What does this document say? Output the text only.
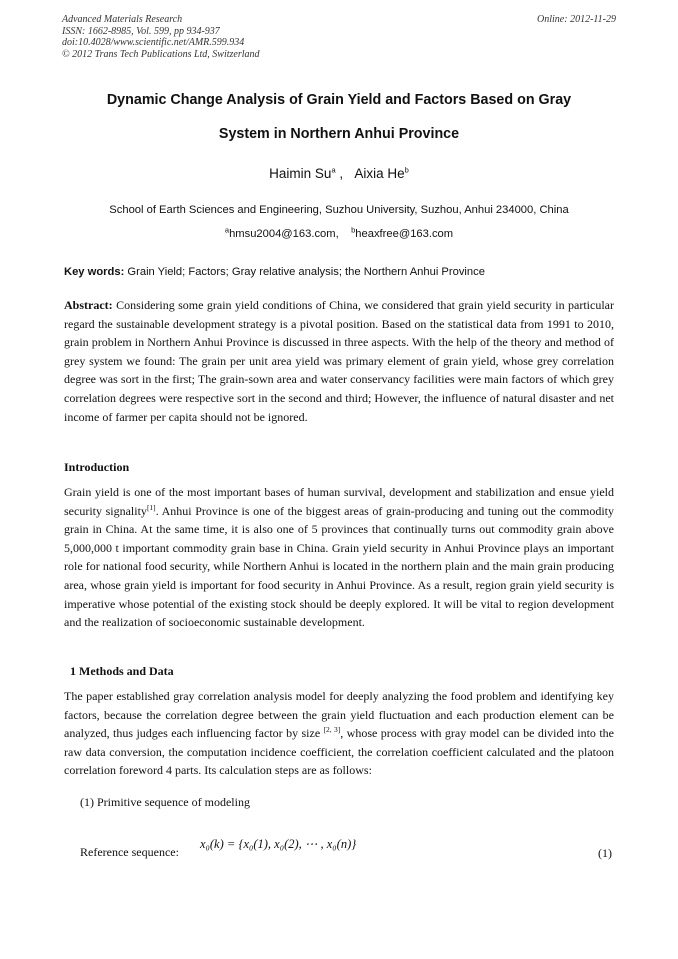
Advanced Materials Research
ISSN: 1662-8985, Vol. 599, pp 934-937
doi:10.4028/www.scientific.net/AMR.599.934
© 2012 Trans Tech Publications Ltd, Switzerland
Online: 2012-11-29
Dynamic Change Analysis of Grain Yield and Factors Based on Gray
System in Northern Anhui Province
Haimin Su$^a$ , Aixia He$^b$
School of Earth Sciences and Engineering, Suzhou University, Suzhou, Anhui 234000, China
$^a$hmsu2004@163.com, $^b$heaxfree@163.com
Key words: Grain Yield; Factors; Gray relative analysis; the Northern Anhui Province
Abstract: Considering some grain yield conditions of China, we considered that grain yield security in particular regard the sustainable development strategy is a pivotal position. Based on the statistical data from 1991 to 2010, grain problem in Northern Anhui Province is discussed in three aspects. With the help of the theory and method of grey system we found: The grain per unit area yield was primary element of grain yield, whose grey correlation degree was sort in the first; The grain-sown area and water conservancy facilities were main factors of which grey correlation degrees were respective sort in the second and third; However, the influence of natural disaster and net income of farmer per capita should not be ignored.
Introduction
Grain yield is one of the most important bases of human survival, development and stabilization and ensue yield security signality[1]. Anhui Province is one of the biggest areas of grain-producing and tuning out the commodity grain in China. At the same time, it is also one of 5 provinces that continually turns out commodity grain above 5,000,000 t important commodity grain base in China. Grain yield security in Anhui Province plays an important role for national food security, while Northern Anhui is located in the northern plain and the main grain producing area, whose grain yield is important for food security in Anhui Province. As a result, region grain yield security is imperative whose potential of the existing stock should be deeply explored. It will be vital to region development and the realization of socioeconomic sustainable development.
1 Methods and Data
The paper established gray correlation analysis model for deeply analyzing the food problem and identifying key factors, because the correlation degree between the grain yield fluctuation and each production element can be analyzed, thus judges each influencing factor by size [2, 3], whose process with gray model can be divided into the raw data conversion, the computation incidence coefficient, the correlation coefficient calculated and the platoon correlation foreword 4 parts. Its calculation steps are as follows:
(1) Primitive sequence of modeling
Reference sequence:
x₀(k) = {x₀(1), x₀(2), ⋯ , x₀(n)}
(1)
